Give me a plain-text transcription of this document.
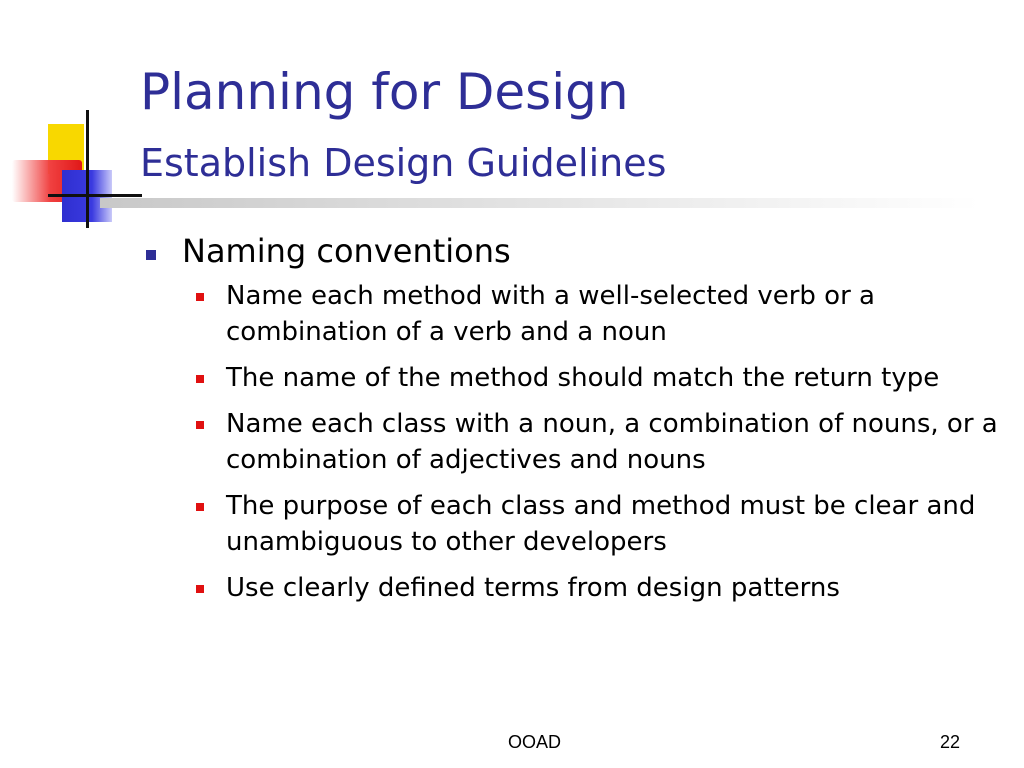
Planning for Design
Establish Design Guidelines
Naming conventions
Name each method with a well-selected verb or a combination of a verb and a noun
The name of the method should match the return type
Name each class with a noun, a combination of nouns, or a combination of adjectives and nouns
The purpose of each class and method must be clear and unambiguous to other developers
Use clearly defined terms from design patterns
OOAD	22
